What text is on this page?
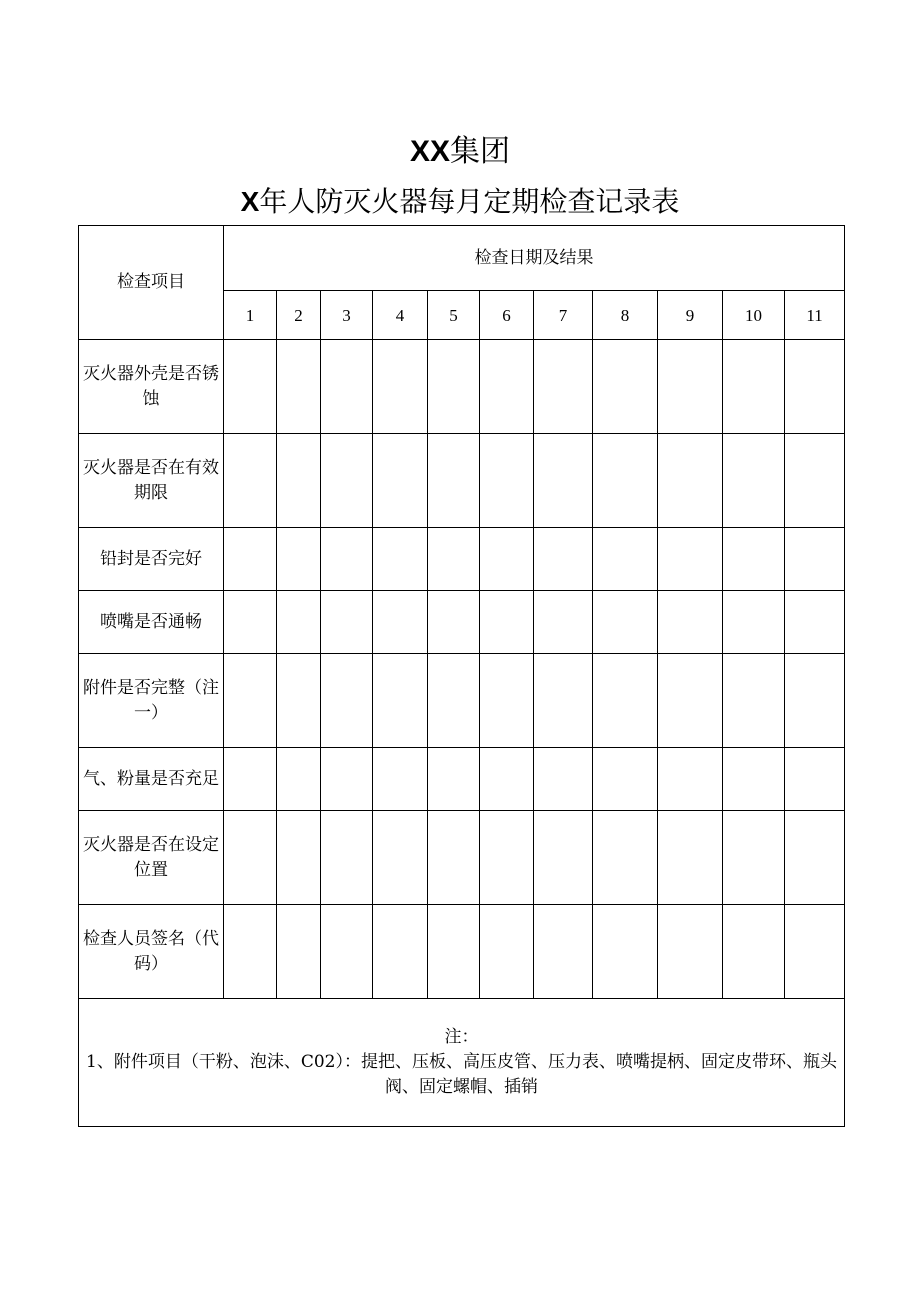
XX集团
X年人防灭火器每月定期检查记录表
检查项目	检查日期及结果										
	1	2	3	4	5	6	7	8	9	10	11
灭火器外壳是否锈蚀											
灭火器是否在有效期限											
铅封是否完好											
喷嘴是否通畅											
附件是否完整（注一）											
气、粉量是否充足											
灭火器是否在设定位置											
检查人员签名（代码）											

注：
1、附件项目（干粉、泡沫、C02）：提把、压板、高压皮管、压力表、喷嘴提柄、固定皮带环、瓶头阀、固定螺帽、插销											
